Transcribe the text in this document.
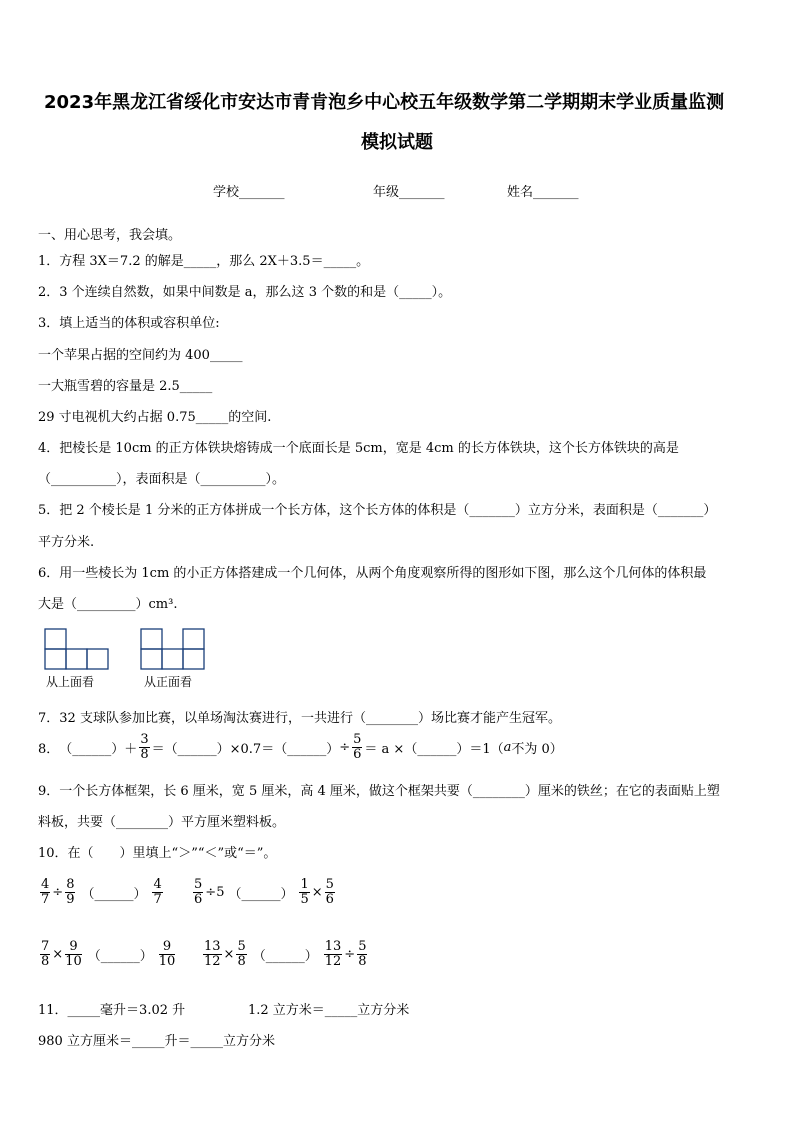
2023年黑龙江省绥化市安达市青肯泡乡中心校五年级数学第二学期期末学业质量监测
模拟试题
学校_______	年级_______	姓名_______
一、用心思考，我会填。
1．方程 3X＝7.2 的解是_____，那么 2X＋3.5＝_____。
2．3 个连续自然数，如果中间数是 a，那么这 3 个数的和是（_____）。
3．填上适当的体积或容积单位:
一个苹果占据的空间约为 400_____
一大瓶雪碧的容量是 2.5_____
29 寸电视机大约占据 0.75_____的空间.
4．把棱长是 10cm 的正方体铁块熔铸成一个底面长是 5cm，宽是 4cm 的长方体铁块，这个长方体铁块的高是
（__________），表面积是（__________）。
5．把 2 个棱长是 1 分米的正方体拼成一个长方体，这个长方体的体积是（_______）立方分米，表面积是（_______）
平方分米.
6．用一些棱长为 1cm 的小正方体搭建成一个几何体，从两个角度观察所得的图形如下图，那么这个几何体的体积最
大是（_________）cm³.
从上面看	从正面看
7．32 支球队参加比赛，以单场淘汰赛进行，一共进行（________）场比赛才能产生冠军。
8． （______） ＋ $\frac{3}{8}$ ＝ （______） ×0.7＝ （______） ÷ $\frac{5}{6} = a$ × （______） ＝1（ a 不为 0）
9．一个长方体框架，长 6 厘米，宽 5 厘米，高 4 厘米，做这个框架共要（________）厘米的铁丝；在它的表面贴上塑
料板，共要（________）平方厘米塑料板。
10．在（　　）里填上“＞”“＜”或“＝”。
$\frac{4}{7} \div \frac{8}{9}$ （______） $\frac{4}{7} \frac{5}{6} \div 5$ （______） $\frac{1}{5} \times \frac{5}{6}$
$\frac{7}{8} \times \frac{9}{10}$ （______） $\frac{9}{10} \frac{13}{12} \times \frac{5}{8}$ （______） $\frac{13}{12} \div \frac{5}{8}$
11．_____毫升＝3.02 升	1.2 立方米＝_____立方分米
980 立方厘米＝_____升＝_____立方分米
